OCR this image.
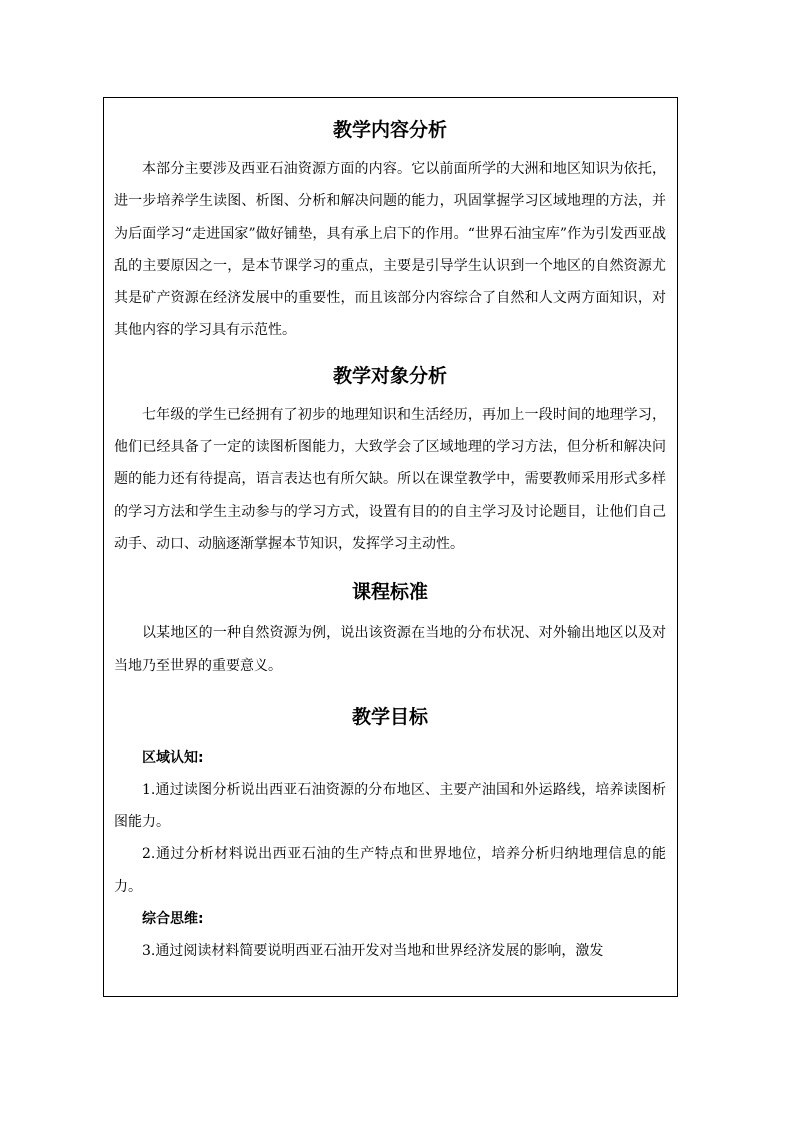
教学内容分析

本部分主要涉及西亚石油资源方面的内容。它以前面所学的大洲和地区知识为依托，进一步培养学生读图、析图、分析和解决问题的能力，巩固掌握学习区域地理的方法，并为后面学习“走进国家”做好铺垫，具有承上启下的作用。“世界石油宝库”作为引发西亚战乱的主要原因之一，是本节课学习的重点，主要是引导学生认识到一个地区的自然资源尤其是矿产资源在经济发展中的重要性，而且该部分内容综合了自然和人文两方面知识，对其他内容的学习具有示范性。

教学对象分析

七年级的学生已经拥有了初步的地理知识和生活经历，再加上一段时间的地理学习，他们已经具备了一定的读图析图能力，大致学会了区域地理的学习方法，但分析和解决问题的能力还有待提高，语言表达也有所欠缺。所以在课堂教学中，需要教师采用形式多样的学习方法和学生主动参与的学习方式，设置有目的的自主学习及讨论题目，让他们自己动手、动口、动脑逐渐掌握本节知识，发挥学习主动性。

课程标准

以某地区的一种自然资源为例，说出该资源在当地的分布状况、对外输出地区以及对当地乃至世界的重要意义。

教学目标

区域认知:

1.通过读图分析说出西亚石油资源的分布地区、主要产油国和外运路线，培养读图析图能力。

2.通过分析材料说出西亚石油的生产特点和世界地位，培养分析归纳地理信息的能力。

综合思维:

3.通过阅读材料简要说明西亚石油开发对当地和世界经济发展的影响，激发
